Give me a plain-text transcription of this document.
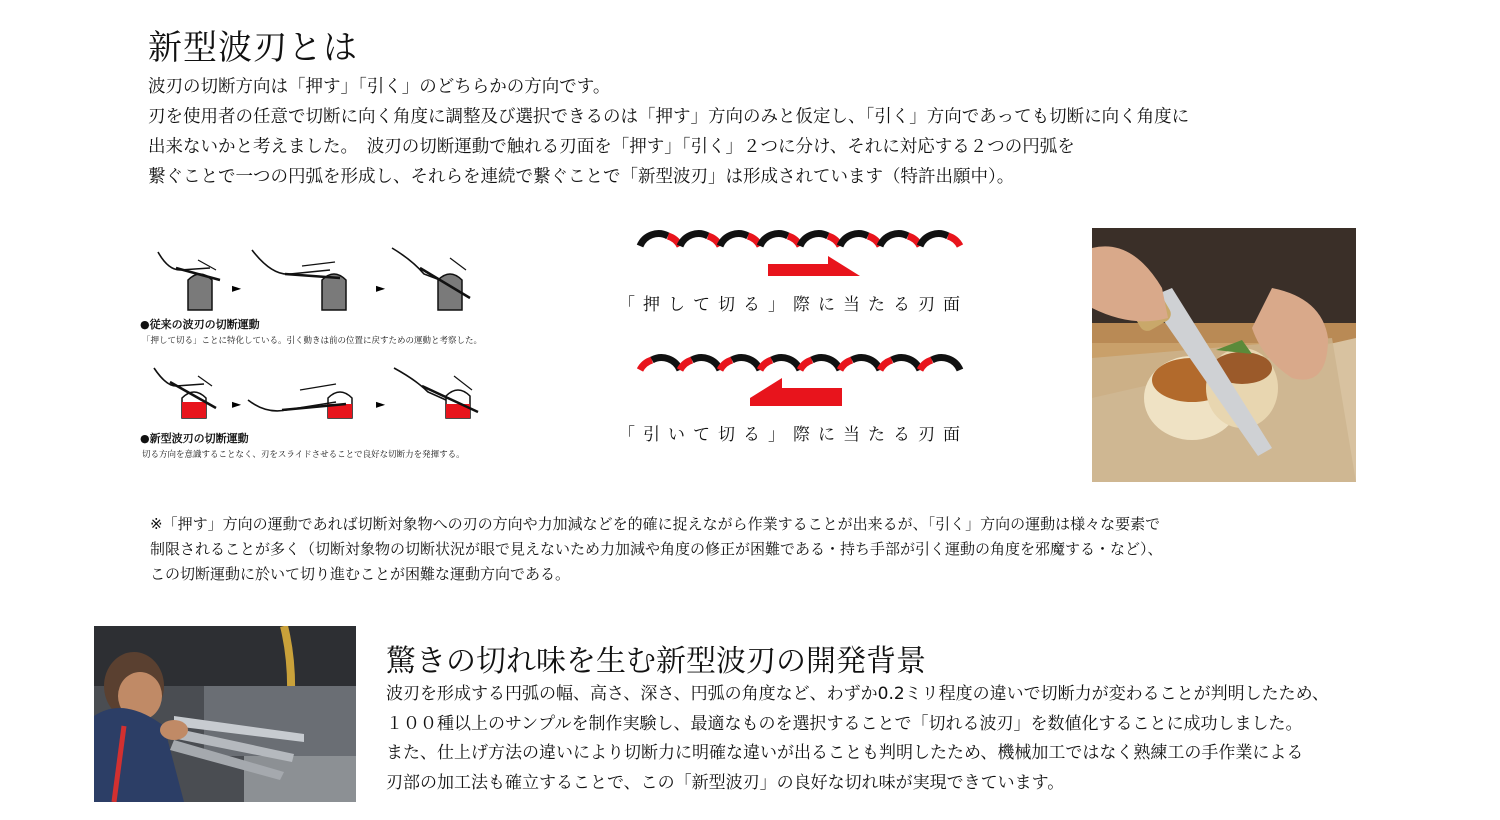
新型波刃とは
波刃の切断方向は「押す」「引く」のどちらかの方向です。
刃を使用者の任意で切断に向く角度に調整及び選択できるのは「押す」方向のみと仮定し、「引く」方向であっても切断に向く角度に
出来ないかと考えました。　波刃の切断運動で触れる刃面を「押す」「引く」２つに分け、それに対応する２つの円弧を
繋ぐことで一つの円弧を形成し、それらを連続で繋ぐことで「新型波刃」は形成されています（特許出願中）。
►	►
●従来の波刃の切断運動
「押して切る」ことに特化している。引く動きは前の位置に戻すための運動と考察した。
►	►
●新型波刃の切断運動
切る方向を意識することなく、刃をスライドさせることで良好な切断力を発揮する。
「押して切る」際に当たる刃面
「引いて切る」際に当たる刃面
※「押す」方向の運動であれば切断対象物への刃の方向や力加減などを的確に捉えながら作業することが出来るが、「引く」方向の運動は様々な要素で
制限されることが多く（切断対象物の切断状況が眼で見えないため力加減や角度の修正が困難である・持ち手部が引く運動の角度を邪魔する・など）、
この切断運動に於いて切り進むことが困難な運動方向である。
驚きの切れ味を生む新型波刃の開発背景
波刃を形成する円弧の幅、高さ、深さ、円弧の角度など、わずか0.2ミリ程度の違いで切断力が変わることが判明したため、
１００種以上のサンプルを制作実験し、最適なものを選択することで「切れる波刃」を数値化することに成功しました。
また、仕上げ方法の違いにより切断力に明確な違いが出ることも判明したため、機械加工ではなく熟練工の手作業による
刃部の加工法も確立することで、この「新型波刃」の良好な切れ味が実現できています。
